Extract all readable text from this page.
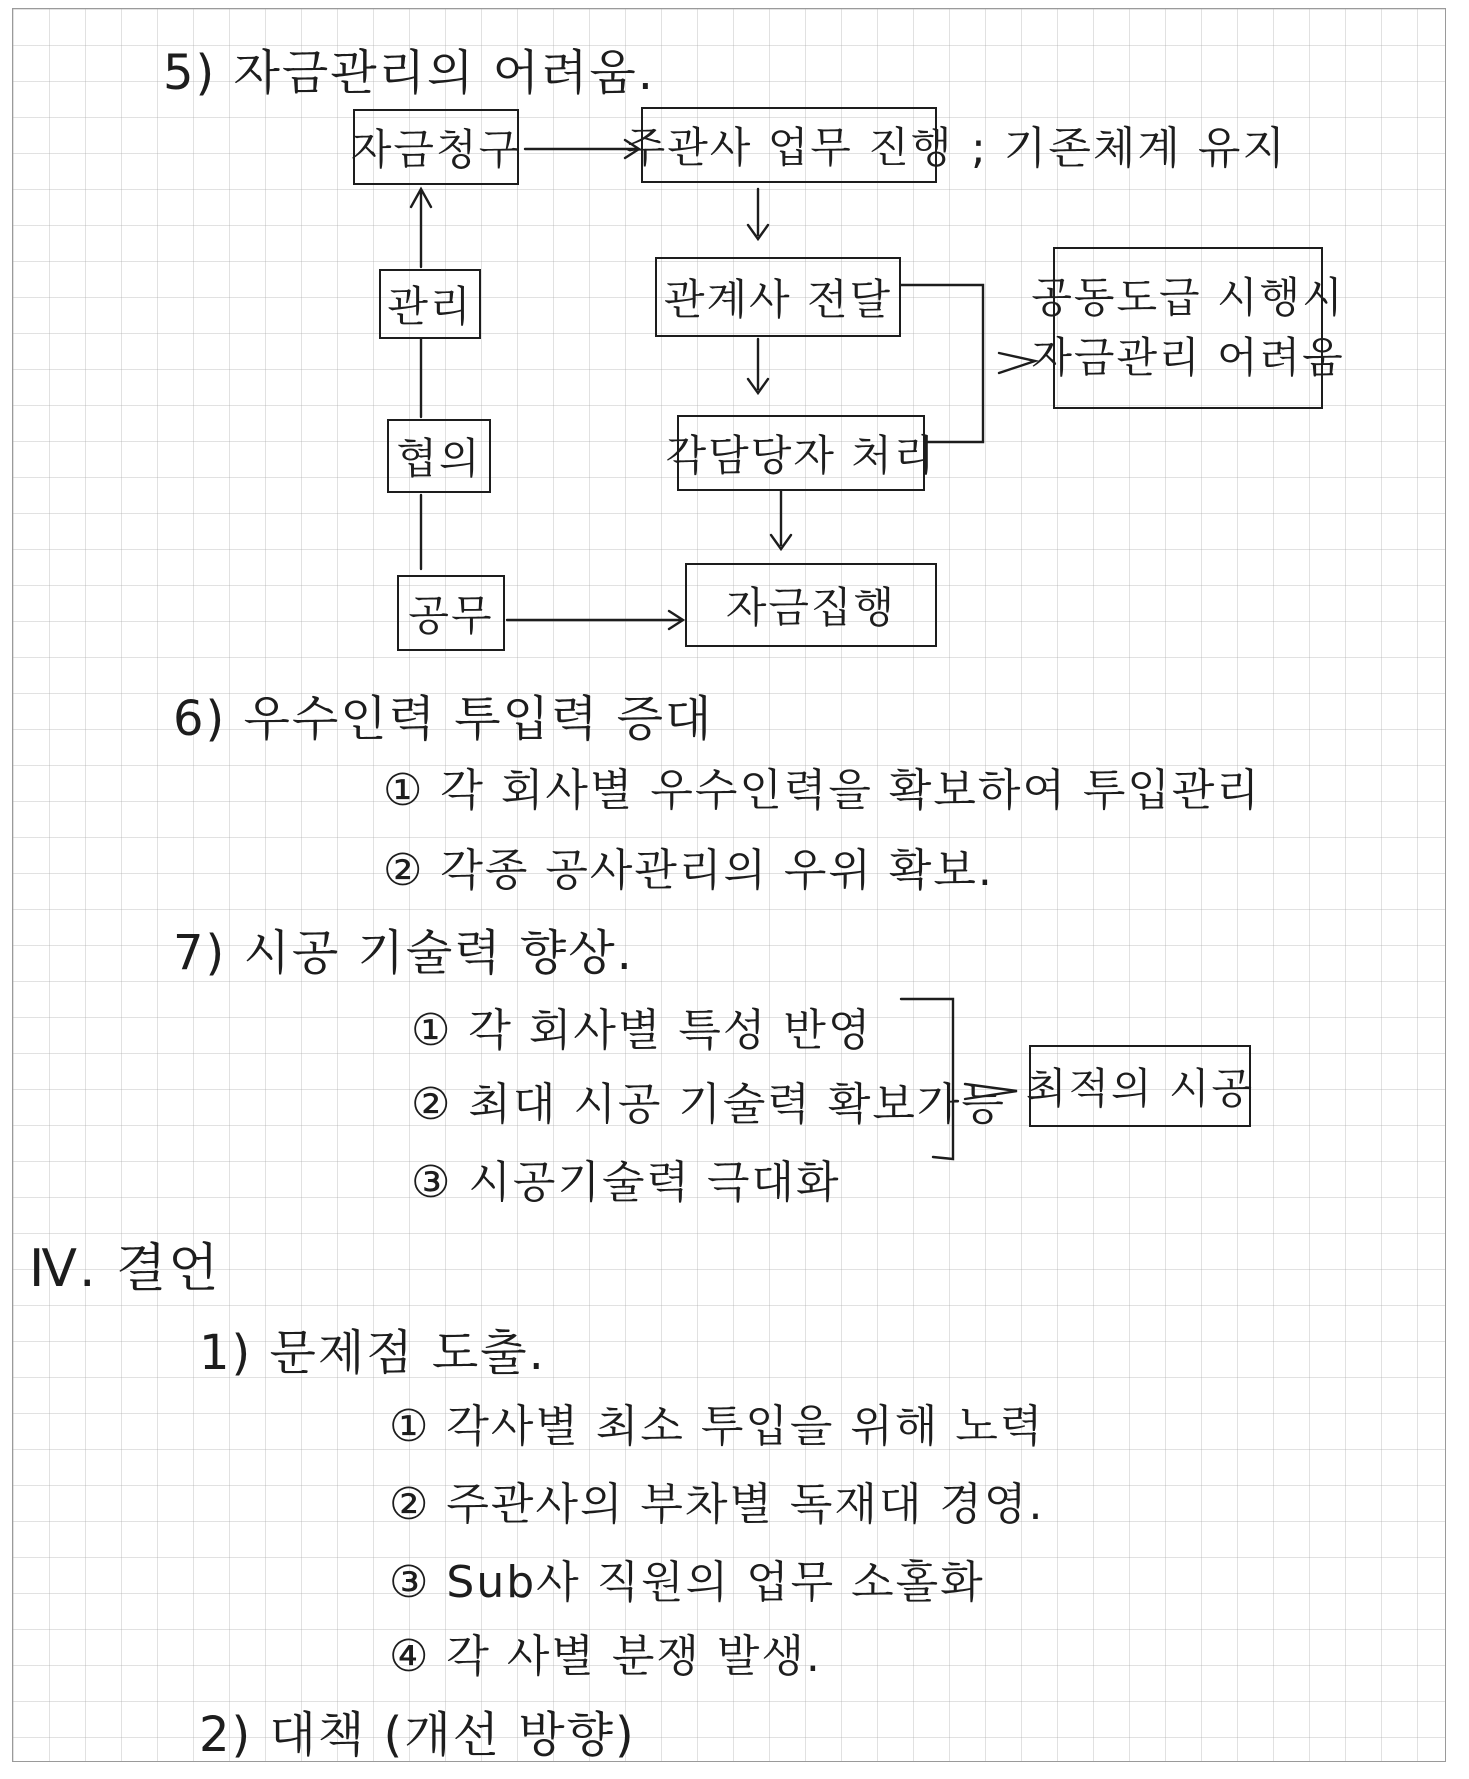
5) 자금관리의 어려움.
자금청구 주관사 업무 진행 ; 기존체계 유지
관리	관계사 전달	공동도급 시행시
자금관리 어려움
협의	각담당자 처리
공무	자금집행
6) 우수인력 투입력 증대
① 각 회사별 우수인력을 확보하여 투입관리
② 각종 공사관리의 우위 확보.
7) 시공 기술력 향상.
① 각 회사별 특성 반영
② 최대 시공 기술력 확보가능
③ 시공기술력 극대화
최적의 시공
Ⅳ. 결언
1) 문제점 도출.
① 각사별 최소 투입을 위해 노력
② 주관사의 부차별 독재대 경영.
③ Sub사 직원의 업무 소홀화
④ 각 사별 분쟁 발생.
2) 대책 (개선 방향)
